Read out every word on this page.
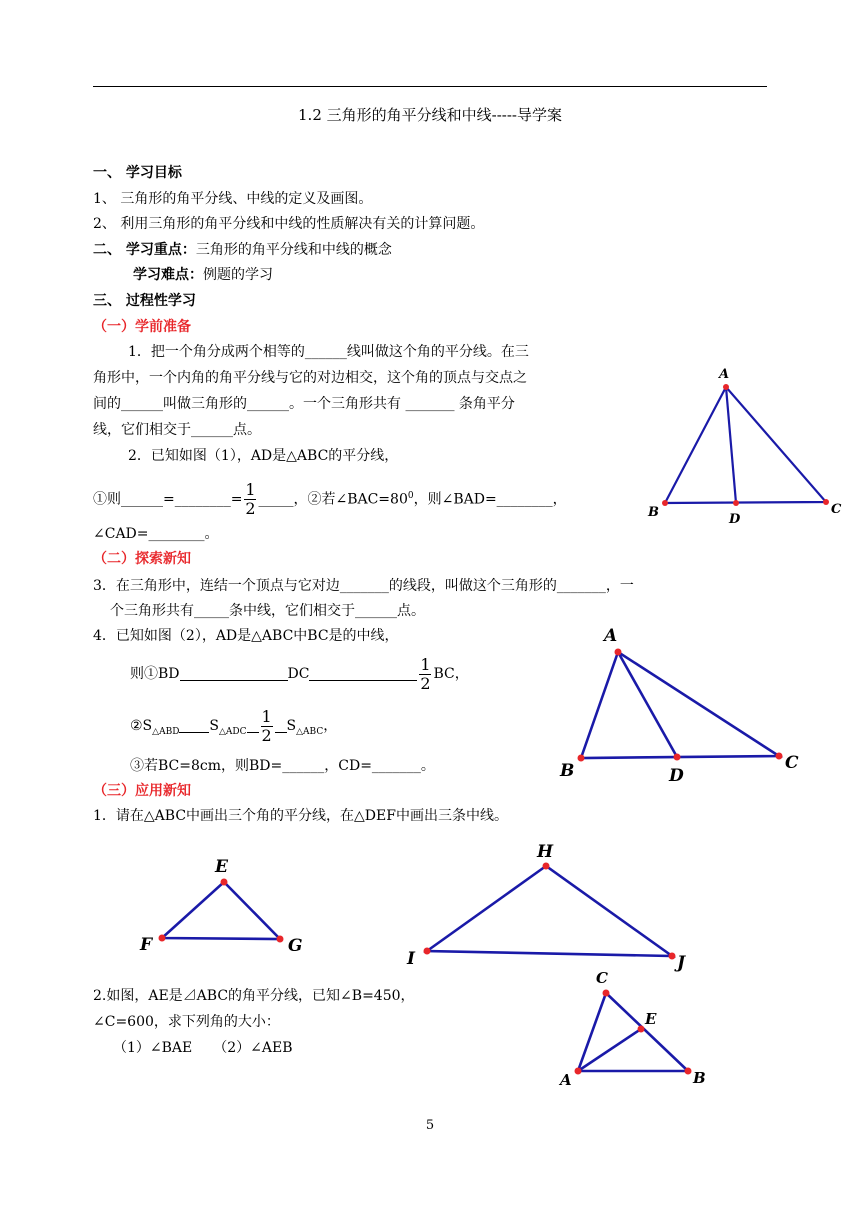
1.2 三角形的角平分线和中线-----导学案
一、 学习目标
1、 三角形的角平分线、中线的定义及画图。
2、 利用三角形的角平分线和中线的性质解决有关的计算问题。
二、 学习重点：三角形的角平分线和中线的概念
学习难点：例题的学习
三、 过程性学习
（一）学前准备
1．把一个角分成两个相等的______线叫做这个角的平分线。在三
角形中，一个内角的角平分线与它的对边相交，这个角的顶点与交点之
间的______叫做三角形的______。一个三角形共有 _______ 条角平分
线，它们相交于______点。
2．已知如图（1），AD是△ABC的平分线，
①则______=________= $\frac{1}{2}$ _____，②若$\angle BAC=80^0$，则∠BAD=________，
∠CAD=________。
（二）探索新知
3．在三角形中，连结一个顶点与它对边_______的线段，叫做这个三角形的_______，一
个三角形共有_____条中线，它们相交于______点。
4．已知如图（2），AD是△ABC中BC是的中线，
则①BD	DC	$\frac{1}{2}$ BC，
$②S_{\triangle ABD}$ $S_{\triangle ADC} \frac{1}{2} S_{\triangle ABC}$，
③若BC=8cm，则BD=______，CD=_______。
（三）应用新知
1．请在△ABC中画出三个角的平分线，在△DEF中画出三条中线。
2.如图，AE是⊿ABC的角平分线，已知∠B=450，
∠C=600，求下列角的大小：
（1）∠BAE　　（2）∠AEB
5
A
B	C
D
A
B	C
D
E
F	G
H
I	J
C
A	B
E
